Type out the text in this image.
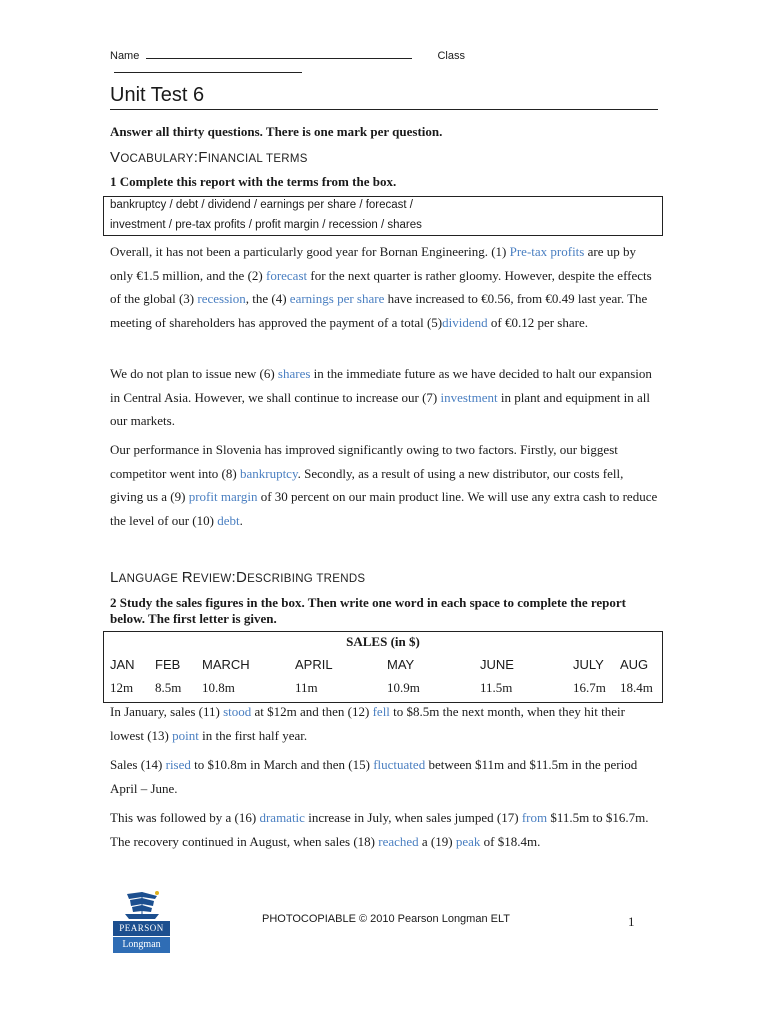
Name	Class
Unit Test 6
Answer all thirty questions. There is one mark per question.
VOCABULARY:FINANCIAL TERMS
1 Complete this report with the terms from the box.
bankruptcy / debt / dividend / earnings per share / forecast /
investment / pre-tax profits / profit margin / recession / shares

Overall, it has not been a particularly good year for Bornan Engineering. (1) Pre-tax profits are up by only €1.5 million, and the (2) forecast for the next quarter is rather gloomy. However, despite the effects of the global (3) recession, the (4) earnings per share have increased to €0.56, from €0.49 last year. The meeting of shareholders has approved the payment of a total (5)dividend of €0.12 per share.

We do not plan to issue new (6) shares in the immediate future as we have decided to halt our expansion in Central Asia. However, we shall continue to increase our (7) investment in plant and equipment in all our markets.

Our performance in Slovenia has improved significantly owing to two factors. Firstly, our biggest competitor went into (8) bankruptcy. Secondly, as a result of using a new distributor, our costs fell, giving us a (9) profit margin of 30 percent on our main product line. We will use any extra cash to reduce the level of our (10) debt.

LANGUAGE REVIEW:DESCRIBING TRENDS
2 Study the sales figures in the box. Then write one word in each space to complete the report below. The first letter is given.
SALES (in $)
JAN	FEB	MARCH	APRIL	MAY	JUNE	JULY	AUG
12m	8.5m	10.8m	11m	10.9m	11.5m	16.7m	18.4m

In January, sales (11) stood at $12m and then (12) fell to $8.5m the next month, when they hit their lowest (13) point in the first half year.

Sales (14) rised to $10.8m in March and then (15) fluctuated between $11m and $11.5m in the period April – June.

This was followed by a (16) dramatic increase in July, when sales jumped (17) from $11.5m to $16.7m. The recovery continued in August, when sales (18) reached a (19) peak of $18.4m.

PEARSON
Longman
PHOTOCOPIABLE © 2010 Pearson Longman ELT	1
